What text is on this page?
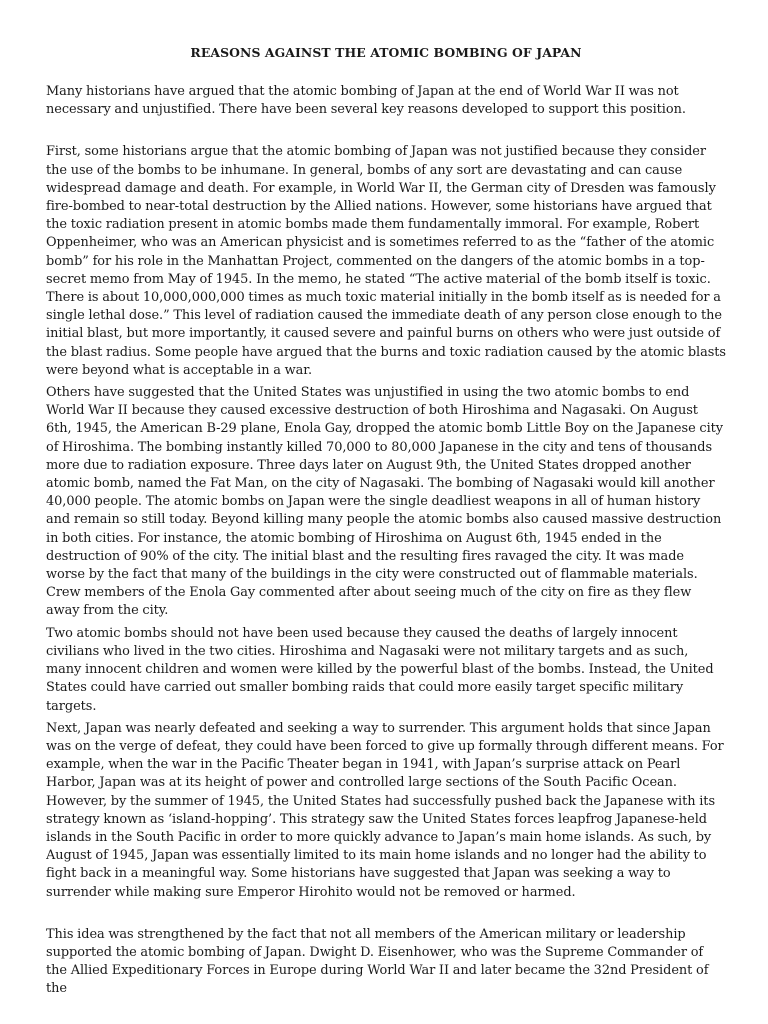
REASONS AGAINST THE ATOMIC BOMBING OF JAPAN

Many historians have argued that the atomic bombing of Japan at the end of World War II was not necessary and unjustified. There have been several key reasons developed to support this position.

First, some historians argue that the atomic bombing of Japan was not justified because they consider the use of the bombs to be inhumane. In general, bombs of any sort are devastating and can cause widespread damage and death. For example, in World War II, the German city of Dresden was famously fire-bombed to near-total destruction by the Allied nations. However, some historians have argued that the toxic radiation present in atomic bombs made them fundamentally immoral. For example, Robert Oppenheimer, who was an American physicist and is sometimes referred to as the “father of the atomic bomb” for his role in the Manhattan Project, commented on the dangers of the atomic bombs in a top-secret memo from May of 1945. In the memo, he stated “The active material of the bomb itself is toxic. There is about 10,000,000,000 times as much toxic material initially in the bomb itself as is needed for a single lethal dose.” This level of radiation caused the immediate death of any person close enough to the initial blast, but more importantly, it caused severe and painful burns on others who were just outside of the blast radius. Some people have argued that the burns and toxic radiation caused by the atomic blasts were beyond what is acceptable in a war.

Others have suggested that the United States was unjustified in using the two atomic bombs to end World War II because they caused excessive destruction of both Hiroshima and Nagasaki. On August 6th, 1945, the American B-29 plane, Enola Gay, dropped the atomic bomb Little Boy on the Japanese city of Hiroshima. The bombing instantly killed 70,000 to 80,000 Japanese in the city and tens of thousands more due to radiation exposure. Three days later on August 9th, the United States dropped another atomic bomb, named the Fat Man, on the city of Nagasaki. The bombing of Nagasaki would kill another 40,000 people. The atomic bombs on Japan were the single deadliest weapons in all of human history and remain so still today. Beyond killing many people the atomic bombs also caused massive destruction in both cities. For instance, the atomic bombing of Hiroshima on August 6th, 1945 ended in the destruction of 90% of the city. The initial blast and the resulting fires ravaged the city. It was made worse by the fact that many of the buildings in the city were constructed out of flammable materials. Crew members of the Enola Gay commented after about seeing much of the city on fire as they flew away from the city.

Two atomic bombs should not have been used because they caused the deaths of largely innocent civilians who lived in the two cities. Hiroshima and Nagasaki were not military targets and as such, many innocent children and women were killed by the powerful blast of the bombs. Instead, the United States could have carried out smaller bombing raids that could more easily target specific military targets.

Next, Japan was nearly defeated and seeking a way to surrender. This argument holds that since Japan was on the verge of defeat, they could have been forced to give up formally through different means. For example, when the war in the Pacific Theater began in 1941, with Japan’s surprise attack on Pearl Harbor, Japan was at its height of power and controlled large sections of the South Pacific Ocean. However, by the summer of 1945, the United States had successfully pushed back the Japanese with its strategy known as ‘island-hopping’. This strategy saw the United States forces leapfrog Japanese-held islands in the South Pacific in order to more quickly advance to Japan’s main home islands. As such, by August of 1945, Japan was essentially limited to its main home islands and no longer had the ability to fight back in a meaningful way. Some historians have suggested that Japan was seeking a way to surrender while making sure Emperor Hirohito would not be removed or harmed.

This idea was strengthened by the fact that not all members of the American military or leadership supported the atomic bombing of Japan. Dwight D. Eisenhower, who was the Supreme Commander of the Allied Expeditionary Forces in Europe during World War II and later became the 32nd President of the
